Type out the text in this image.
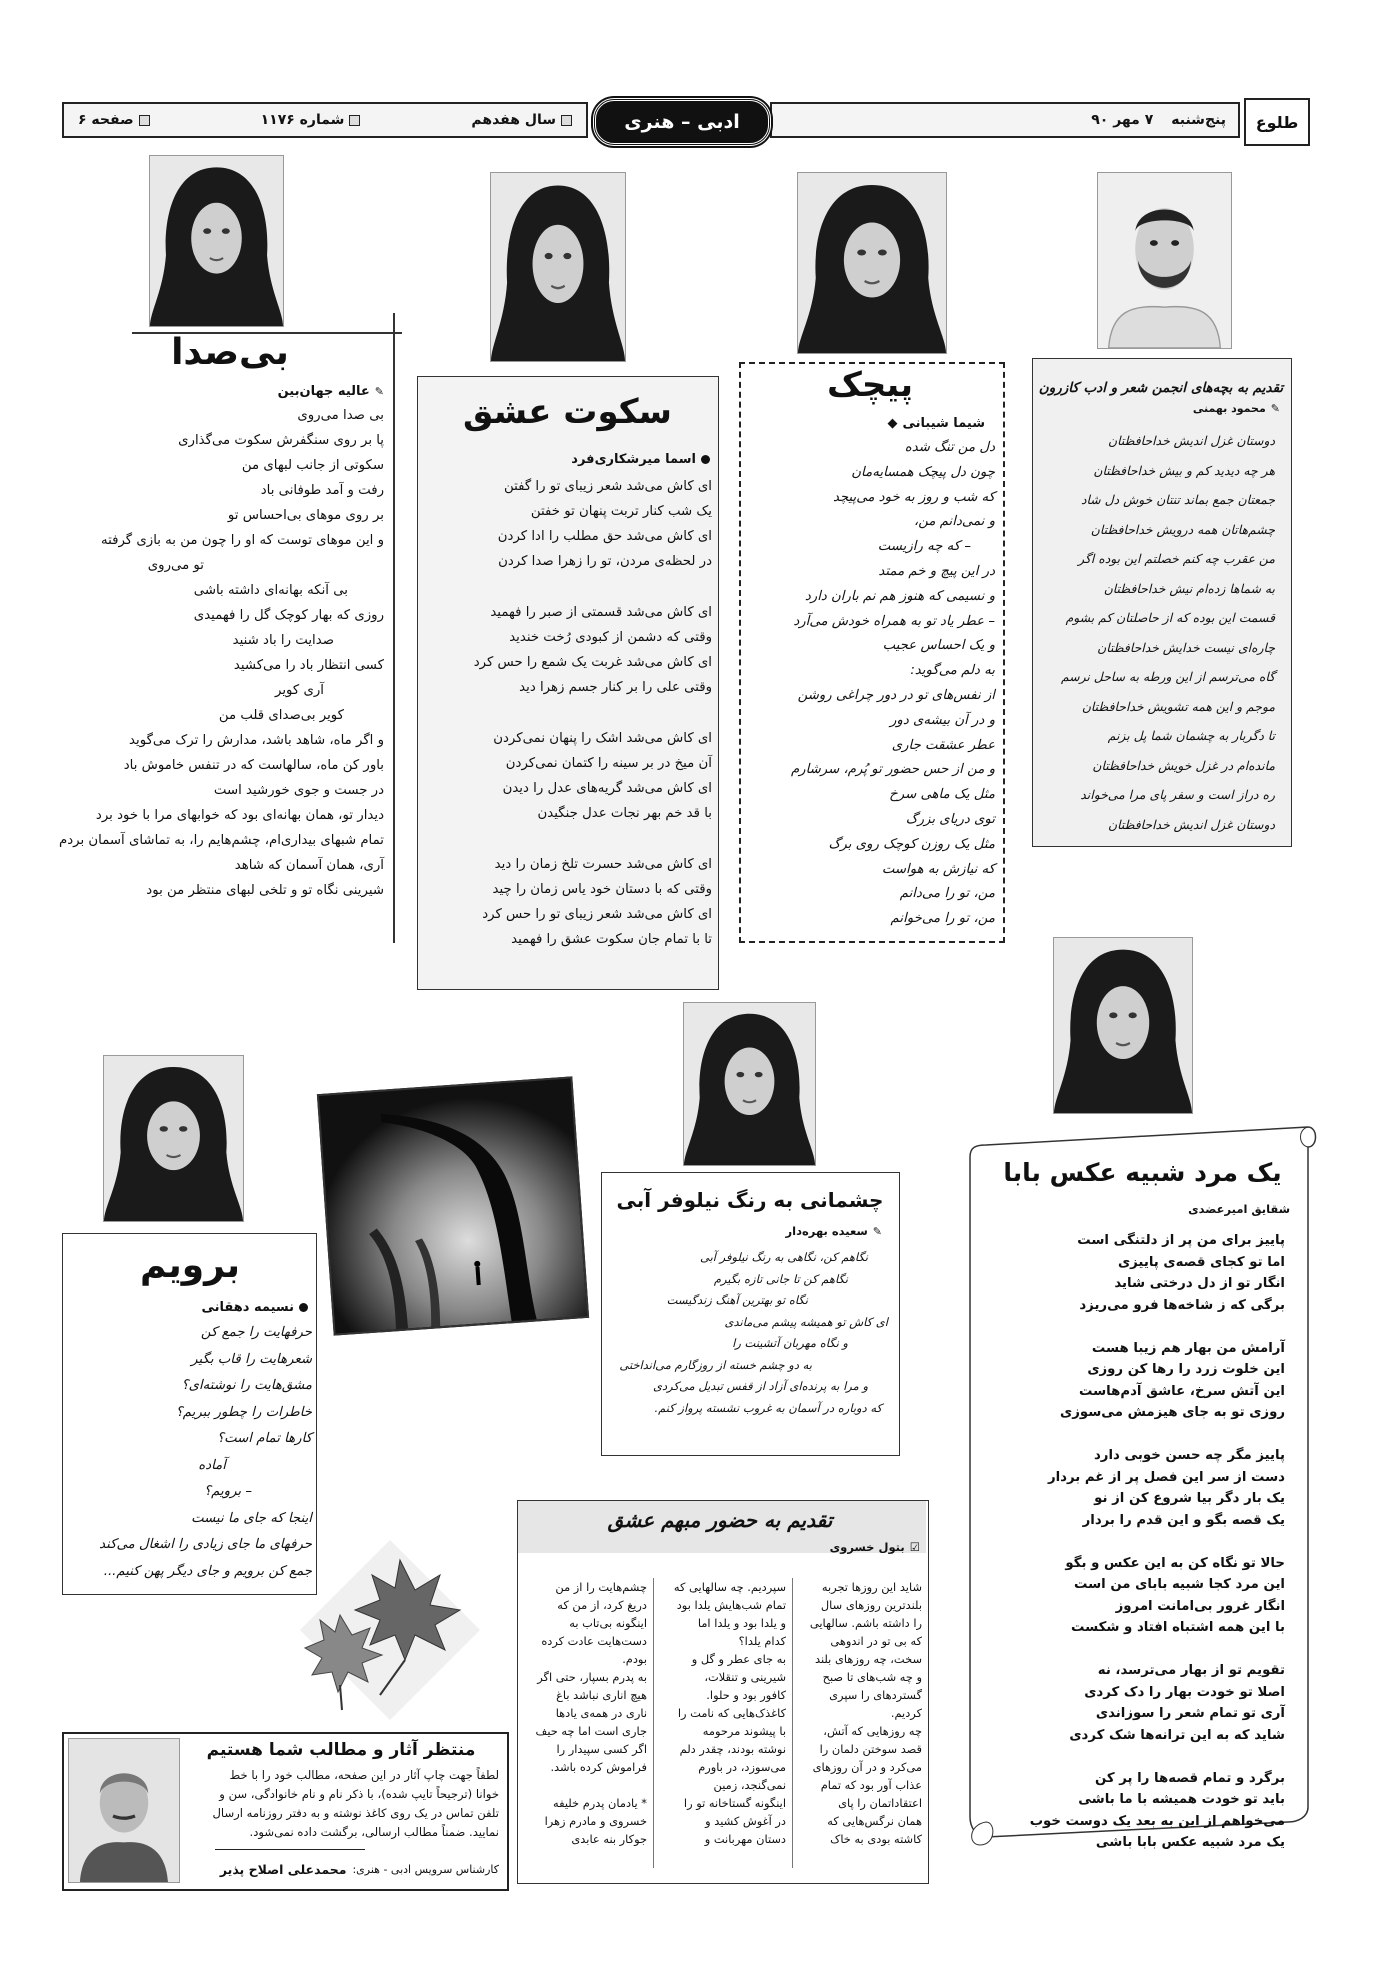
طلوع
پنج‌شنبه
۷ مهر ۹۰
ادبی – هنری
سال هفدهم
شماره ۱۱۷۶
صفحه ۶
بی‌صدا
✎
عالیه جهان‌بین
بی صدا می‌روی
پا بر روی سنگفرش سکوت می‌گذاری
سکوتی از جانب لبهای من
رفت و آمد طوفانی باد
بر روی موهای بی‌احساس تو
و این موهای توست که او را چون من به بازی گرفته
تو می‌روی
بی آنکه بهانه‌ای داشته باشی
روزی که بهار کوچک گل را فهمیدی
صدایت را باد شنید
کسی انتظار باد را می‌کشید
آری کویر
کویر بی‌صدای قلب من
و اگر ماه، شاهد باشد، مدارش را ترک می‌گوید
باور کن ماه، سالهاست که در تنفس خاموش باد
در جست و جوی خورشید است
دیدار تو، همان بهانه‌ای بود که خوابهای مرا با خود برد
تمام شبهای بیداری‌ام، چشم‌هایم را، به تماشای آسمان بردم
آری، همان آسمان که شاهد
شیرینی نگاه تو و تلخی لبهای منتظر من بود
سکوت عشق
اسما میرشکاری‌فرد
ای کاش می‌شد شعر زیبای تو را گفتن
یک شب کنار تربت پنهان تو خفتن
ای کاش می‌شد حق مطلب را ادا کردن
در لحظه‌ی مردن، تو را زهرا صدا کردن
ای کاش می‌شد قسمتی از صبر را فهمید
وقتی که دشمن از کبودی رُخت خندید
ای کاش می‌شد غربت یک شمع را حس کرد
وقتی علی را بر کنار جسم زهرا دید
ای کاش می‌شد اشک را پنهان نمی‌کردن
آن میخ در بر سینه را کتمان نمی‌کردن
ای کاش می‌شد گریه‌های عدل را دیدن
با قد خم بهر نجات عدل جنگیدن
ای کاش می‌شد حسرت تلخ زمان را دید
وقتی که با دستان خود یاس زمان را چید
ای کاش می‌شد شعر زیبای تو را حس کرد
تا با تمام جان سکوت عشق را فهمید
پیچک
شیما شیبانی
◆
دل من تنگ شده
چون دل پیچک همسایه‌مان
که شب و روز به خود می‌پیچد
و نمی‌دانم من،
– که چه رازیست
در این پیچ و خم ممتد
و نسیمی که هنوز هم نم باران دارد
– عطر یاد تو به همراه خودش می‌آرد
و یک احساس عجیب
به دلم می‌گوید:
از نفس‌های تو در دور چراغی روشن
و در آن بیشه‌ی دور
عطر عشقت جاری
و من از حس حضور تو پُرم، سرشارم
مثل یک ماهی سرخ
توی دریای بزرگ
مثل یک روزن کوچک روی برگ
که نیازش به هواست
من، تو را می‌دانم
من، تو را می‌خوانم
تقدیم به بچه‌های انجمن شعر و ادب کازرون
✎
محمود بهمنی
دوستان غزل اندیش خداحافظتان
هر چه دیدید کم و بیش خداحافظتان
جمعتان جمع بماند تنتان خوش دل شاد
چشم‌هاتان همه درویش خداحافظتان
من عقرب چه کنم خصلتم این بوده اگر
به شماها زده‌ام نیش خداحافظتان
قسمت این بوده که از حاصلتان کم بشوم
چاره‌ای نیست خدایش خداحافظتان
گاه می‌ترسم از این ورطه به ساحل نرسم
موجم و این همه تشویش خداحافظتان
تا دگربار به چشمان شما پل بزنم
مانده‌ام در غزل خویش خداحافظتان
ره دراز است و سفر پای مرا می‌خواند
دوستان غزل اندیش خداحافظتان
برویم
نسیمه دهقانی
حرفهایت را جمع کن
شعرهایت را قاب بگیر
مشق‌هایت را نوشته‌ای؟
خاطرات را چطور ببریم؟
کارها تمام است؟
آماده
– برویم؟
اینجا که جای ما نیست
حرفهای ما جای زیادی را اشغال می‌کند
جمع کن برویم و جای دیگر پهن کنیم...
چشمانی به رنگ نیلوفر آبی
✎
سعیده بهره‌دار
نگاهم کن، نگاهی به رنگ نیلوفر آبی
نگاهم کن تا جانی تازه بگیرم
نگاه تو بهترین آهنگ زندگیست
ای کاش تو همیشه پیشم می‌ماندی
و نگاه مهربان آتشینت را
به دو چشم خسته از روزگارم می‌انداختی
و مرا به پرنده‌ای آزاد از قفس تبدیل می‌کردی
که دوباره در آسمان به غروب نشسته پرواز کنم.
یک مرد شبیه عکس بابا
شقایق امیرعضدی
پاییز برای من پر از دلتنگی است
اما تو کجای قصه‌ی پاییزی
انگار تو از دل درختی شاید
برگی که ز شاخه‌ها فرو می‌ریزد
آرامش من بهار هم زیبا هست
این خلوت زرد را رها کن روزی
این آتش سرخ، عاشق آدم‌هاست
روزی تو به جای هیزمش می‌سوزی
پاییز مگر چه حسن خوبی دارد
دست از سر این فصل پر از غم بردار
یک بار دگر بیا شروع کن از نو
یک قصه بگو و این قدم را بردار
حالا تو نگاه کن به این عکس و بگو
این مرد کجا شبیه بابای من است
انگار غرور بی‌امانت امروز
با این همه اشتباه افتاد و شکست
تقویم تو از بهار می‌ترسد، نه
اصلا تو خودت بهار را دک کردی
آری تو تمام شعر را سوزاندی
شاید که به این ترانه‌ها شک کردی
برگرد و تمام قصه‌ها را پر کن
باید تو خودت همیشه با ما باشی
می‌خواهم از این به بعد یک دوست خوب
یک مرد شبیه عکس بابا باشی
تقدیم به حضور مبهم عشق
☑
بتول خسروی
شاید این روزها تجربه
بلندترین روزهای سال
را داشته باشم. سالهایی
که بی تو در اندوهی
سخت، چه روزهای بلند
و چه شب‌های تا صبح
گستردهای را سپری
کردیم.
چه روزهایی که آتش،
قصد سوختن دلمان را
می‌کرد و در آن روزهای
عذاب آور بود که تمام
اعتقاداتمان را پای
همان نرگس‌هایی که
کاشته بودی به خاک
سپردیم. چه سالهایی که
تمام شب‌هایش یلدا بود
و یلدا بود و یلدا اما
کدام یلدا؟
به جای عطر و گل و
شیرینی و تنقلات،
کافور بود و حلوا.
کاغذک‌هایی که نامت را
با پیشوند مرحومه
نوشته بودند، چقدر دلم
می‌سوزد، در باورم
نمی‌گنجد، زمین
اینگونه گستاخانه تو را
در آغوش کشید و
دستان مهربانت و
چشم‌هایت را از من
دریغ کرد، از من که
اینگونه بی‌تاب به
دست‌هایت عادت کرده
بودم.
به پدرم بسپار، حتی اگر
هیچ اناری نباشد باغ
ناری در همه‌ی یادها
جاری است اما چه حیف
اگر کسی سپیدار را
فراموش کرده باشد.
* یادمان پدرم خلیفه
خسروی و مادرم زهرا
جوکار بنه عابدی
منتظر آثار و مطالب شما هستیم
لطفاً جهت چاپ آثار در این صفحه، مطالب خود را با خط
خوانا (ترجیحاً تایپ شده)، با ذکر نام و نام خانوادگی، سن و
تلفن تماس در یک روی کاغذ نوشته و به دفتر روزنامه ارسال
نمایید. ضمناً مطالب ارسالی، برگشت داده نمی‌شود.
کارشناس سرویس ادبی - هنری:
محمدعلی اصلاح پذیر
